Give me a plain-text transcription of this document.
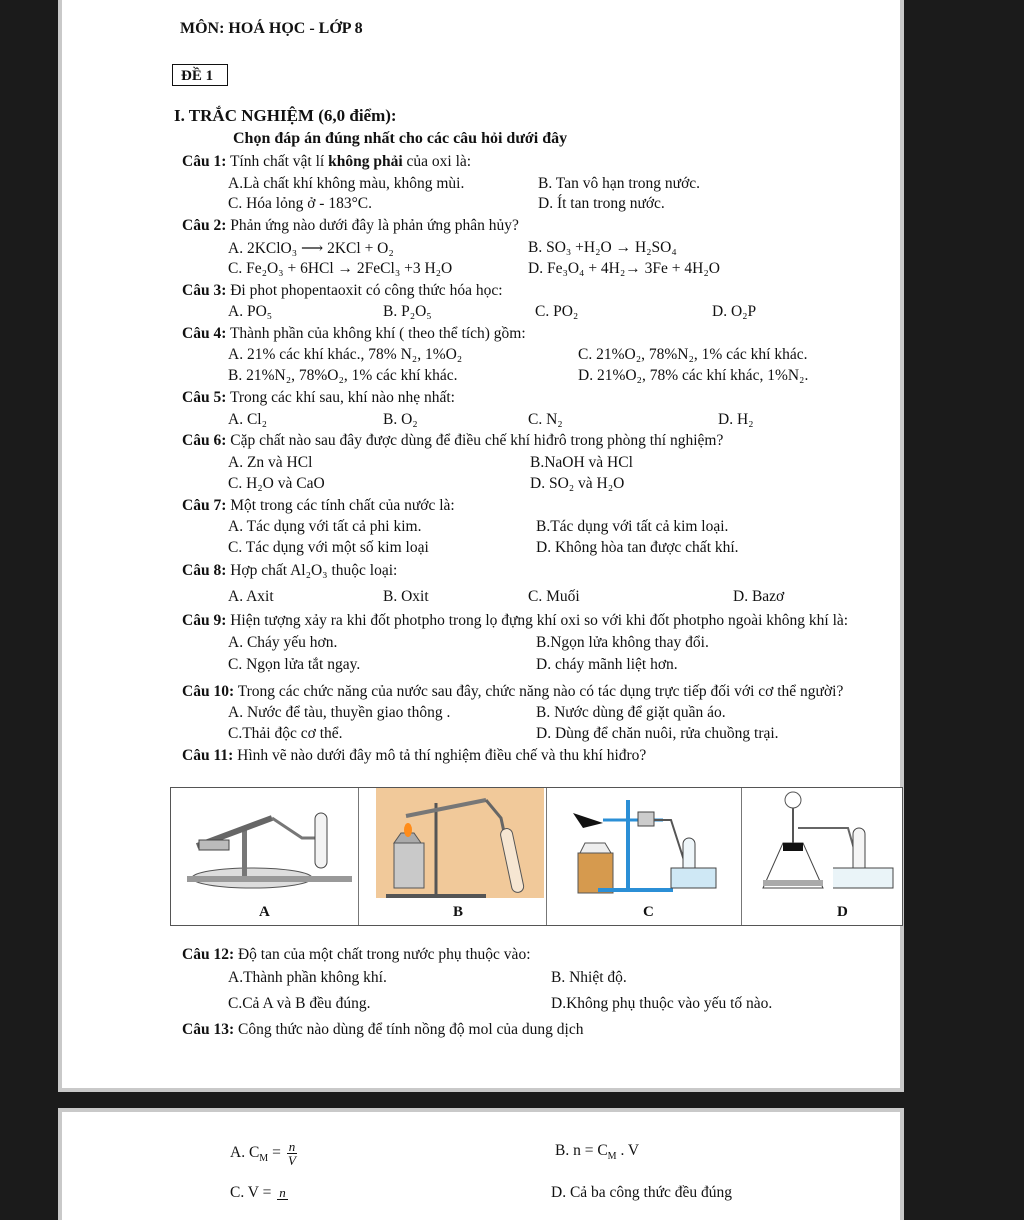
MÔN: HOÁ HỌC - LỚP 8
ĐỀ 1
I. TRẮC NGHIỆM (6,0 điểm):
Chọn đáp án đúng nhất cho các câu hỏi dưới đây
Câu 1: Tính chất vật lí không phải của oxi là:
A.Là chất khí không màu, không mùi.	B. Tan vô hạn trong nước.
C. Hóa lỏng ở - 183°C.	D. Ít tan trong nước.
Câu 2: Phản ứng nào dưới đây là phản ứng phân hủy?
A. 2KClO₃ ⟶ 2KCl + O₂	B. SO₃ +H₂O → H₂SO₄
C. Fe₂O₃ + 6HCl → 2FeCl₃ +3 H₂O	D. Fe₃O₄ + 4H₂→ 3Fe + 4H₂O
Câu 3: Đi phot phopentaoxit có công thức hóa học:
A. PO₅	B. P₂O₅	C. PO₂	D. O₂P
Câu 4: Thành phần của không khí ( theo thể tích) gồm:
A. 21% các khí khác., 78% N₂, 1%O₂	C. 21%O₂, 78%N₂, 1% các khí khác.
B. 21%N₂, 78%O₂, 1% các khí khác.	D. 21%O₂, 78% các khí khác, 1%N₂.
Câu 5: Trong các khí sau, khí nào nhẹ nhất:
A. Cl₂	B. O₂	C. N₂	D. H₂
Câu 6: Cặp chất nào sau đây được dùng để điều chế khí hiđrô trong phòng thí nghiệm?
A. Zn và HCl	B.NaOH và HCl
C. H₂O và CaO	D. SO₂ và H₂O
Câu 7: Một trong các tính chất của nước là:
A. Tác dụng với tất cả phi kim.	B.Tác dụng với tất cả kim loại.
C. Tác dụng với một số kim loại	D. Không hòa tan được chất khí.
Câu 8: Hợp chất Al₂O₃ thuộc loại:
A. Axit	B. Oxit	C. Muối	D. Bazơ
Câu 9: Hiện tượng xảy ra khi đốt photpho trong lọ đựng khí oxi so với khi đốt photpho ngoài không khí là:
A. Cháy yếu hơn.	B.Ngọn lửa không thay đổi.
C. Ngọn lửa tắt ngay.	D. cháy mãnh liệt hơn.
Câu 10: Trong các chức năng của nước sau đây, chức năng nào có tác dụng trực tiếp đối với cơ thể người?
A. Nước để tàu, thuyền giao thông .	B. Nước dùng để giặt quần áo.
C.Thải độc cơ thể.	D. Dùng để chăn nuôi, rửa chuồng trại.
Câu 11: Hình vẽ nào dưới đây mô tả thí nghiệm điều chế và thu khí hiđro?
A	B	C	D
Câu 12: Độ tan của một chất trong nước phụ thuộc vào:
A.Thành phần không khí.	B. Nhiệt độ.
C.Cả A và B đều đúng.	D.Không phụ thuộc vào yếu tố nào.
Câu 13: Công thức nào dùng để tính nồng độ mol của dung dịch
A. $C_M = \frac{n}{V}$	B. $n = C_M$ . V
C. V = n	D. Cả ba công thức đều đúng
